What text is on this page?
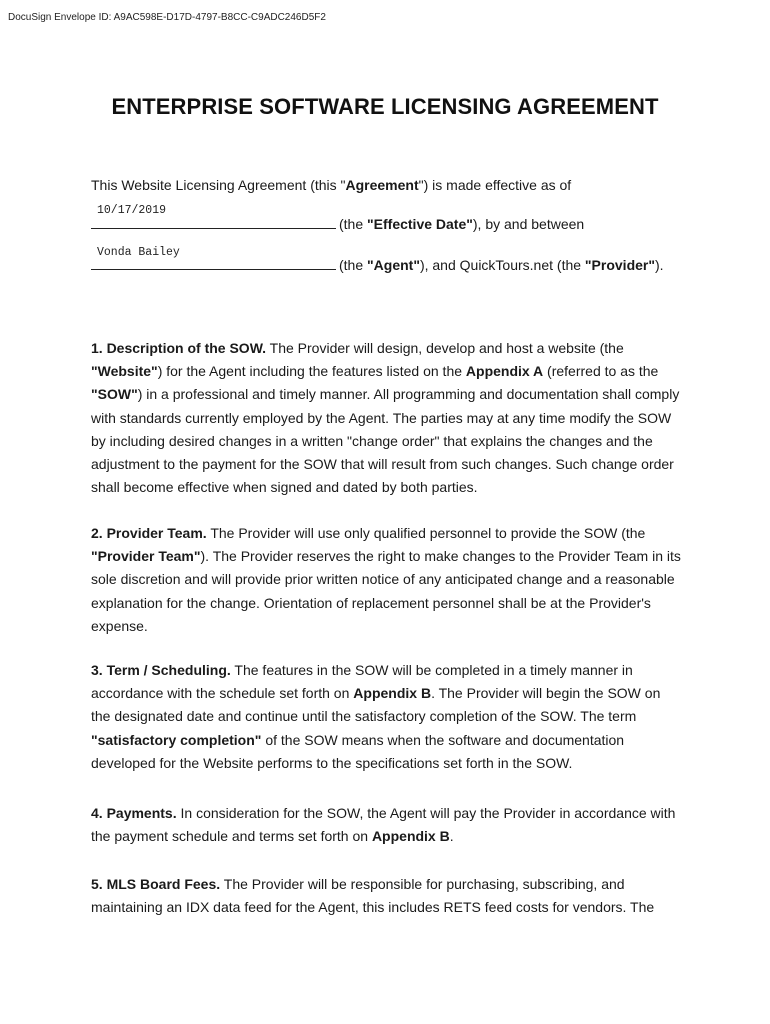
DocuSign Envelope ID: A9AC598E-D17D-4797-B8CC-C9ADC246D5F2
ENTERPRISE SOFTWARE LICENSING AGREEMENT
This Website Licensing Agreement (this "Agreement") is made effective as of
10/17/2019
(the "Effective Date"), by and between
Vonda Bailey
(the "Agent"), and QuickTours.net (the "Provider").
1. Description of the SOW. The Provider will design, develop and host a website (the "Website") for the Agent including the features listed on the Appendix A (referred to as the "SOW") in a professional and timely manner. All programming and documentation shall comply with standards currently employed by the Agent. The parties may at any time modify the SOW by including desired changes in a written "change order" that explains the changes and the adjustment to the payment for the SOW that will result from such changes. Such change order shall become effective when signed and dated by both parties.
2. Provider Team. The Provider will use only qualified personnel to provide the SOW (the "Provider Team"). The Provider reserves the right to make changes to the Provider Team in its sole discretion and will provide prior written notice of any anticipated change and a reasonable explanation for the change. Orientation of replacement personnel shall be at the Provider's expense.
3. Term / Scheduling. The features in the SOW will be completed in a timely manner in accordance with the schedule set forth on Appendix B. The Provider will begin the SOW on the designated date and continue until the satisfactory completion of the SOW. The term "satisfactory completion" of the SOW means when the software and documentation developed for the Website performs to the specifications set forth in the SOW.
4. Payments. In consideration for the SOW, the Agent will pay the Provider in accordance with the payment schedule and terms set forth on Appendix B.
5. MLS Board Fees. The Provider will be responsible for purchasing, subscribing, and maintaining an IDX data feed for the Agent, this includes RETS feed costs for vendors. The
